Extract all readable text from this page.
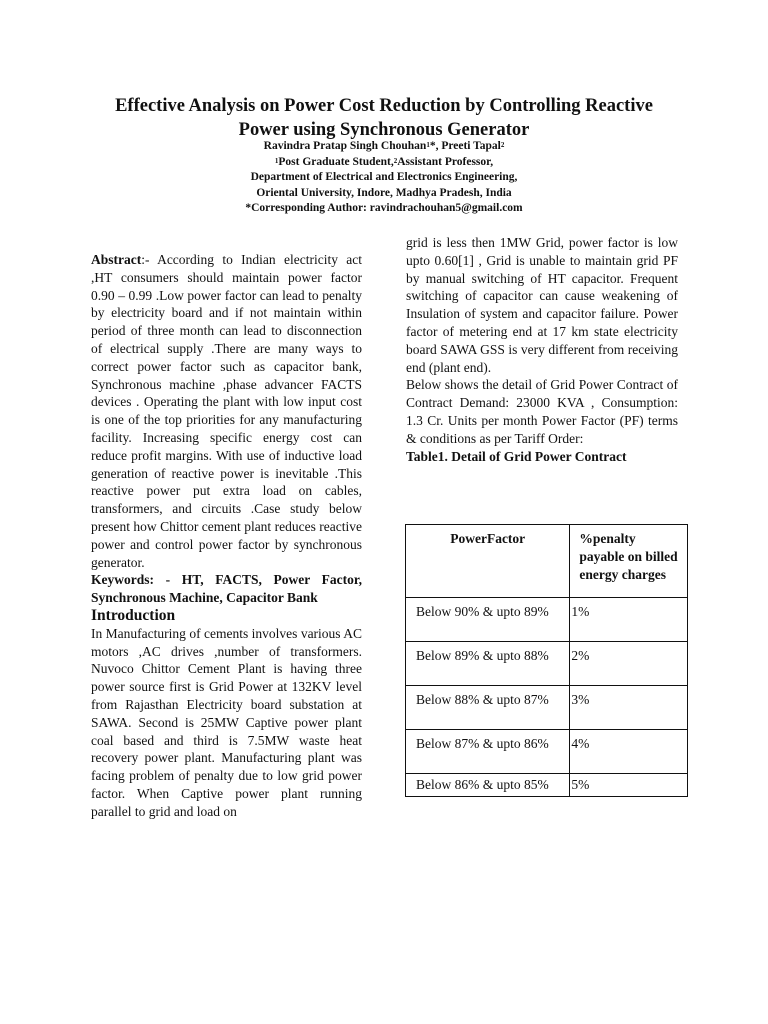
Effective Analysis on Power Cost Reduction by Controlling Reactive
Power using Synchronous Generator
Ravindra Pratap Singh Chouhan$^1$*, Preeti Tapal$^2$
$^1$Post Graduate Student,$^2$Assistant Professor,
Department of Electrical and Electronics Engineering,
Oriental University, Indore, Madhya Pradesh, India
*Corresponding Author: ravindrachouhan5@gmail.com

Abstract:- According to Indian electricity act ,HT consumers should maintain power factor 0.90 – 0.99 .Low power factor can lead to penalty by electricity board and if not maintain within period of three month can lead to disconnection of electrical supply .There are many ways to correct power factor such as capacitor bank, Synchronous machine ,phase advancer FACTS devices . Operating the plant with low input cost is one of the top priorities for any manufacturing facility. Increasing specific energy cost can reduce profit margins. With use of inductive load generation of reactive power is inevitable .This reactive power put extra load on cables, transformers, and circuits .Case study below present how Chittor cement plant reduces reactive power and control power factor by synchronous generator.

Keywords: - HT, FACTS, Power Factor, Synchronous Machine, Capacitor Bank

Introduction

In Manufacturing of cements involves various AC motors ,AC drives ,number of transformers. Nuvoco Chittor Cement Plant is having three power source first is Grid Power at 132KV level from Rajasthan Electricity board substation at SAWA. Second is 25MW Captive power plant coal based and third is 7.5MW waste heat recovery power plant. Manufacturing plant was facing problem of penalty due to low grid power factor. When Captive power plant running parallel to grid and load on

grid is less then 1MW Grid, power factor is low upto 0.60[1] , Grid is unable to maintain grid PF by manual switching of HT capacitor. Frequent switching of capacitor can cause weakening of Insulation of system and capacitor failure. Power factor of metering end at 17 km state electricity board SAWA GSS is very different from receiving end (plant end).

Below shows the detail of Grid Power Contract of Contract Demand: 23000 KVA , Consumption: 1.3 Cr. Units per month Power Factor (PF) terms & conditions as per Tariff Order:

Table1. Detail of Grid Power Contract

PowerFactor	%penalty payable on billed energy charges
Below 90% & upto 89%	1%
Below 89% & upto 88%	2%
Below 88% & upto 87%	3%
Below 87% & upto 86%	4%
Below 86% & upto 85%	5%
